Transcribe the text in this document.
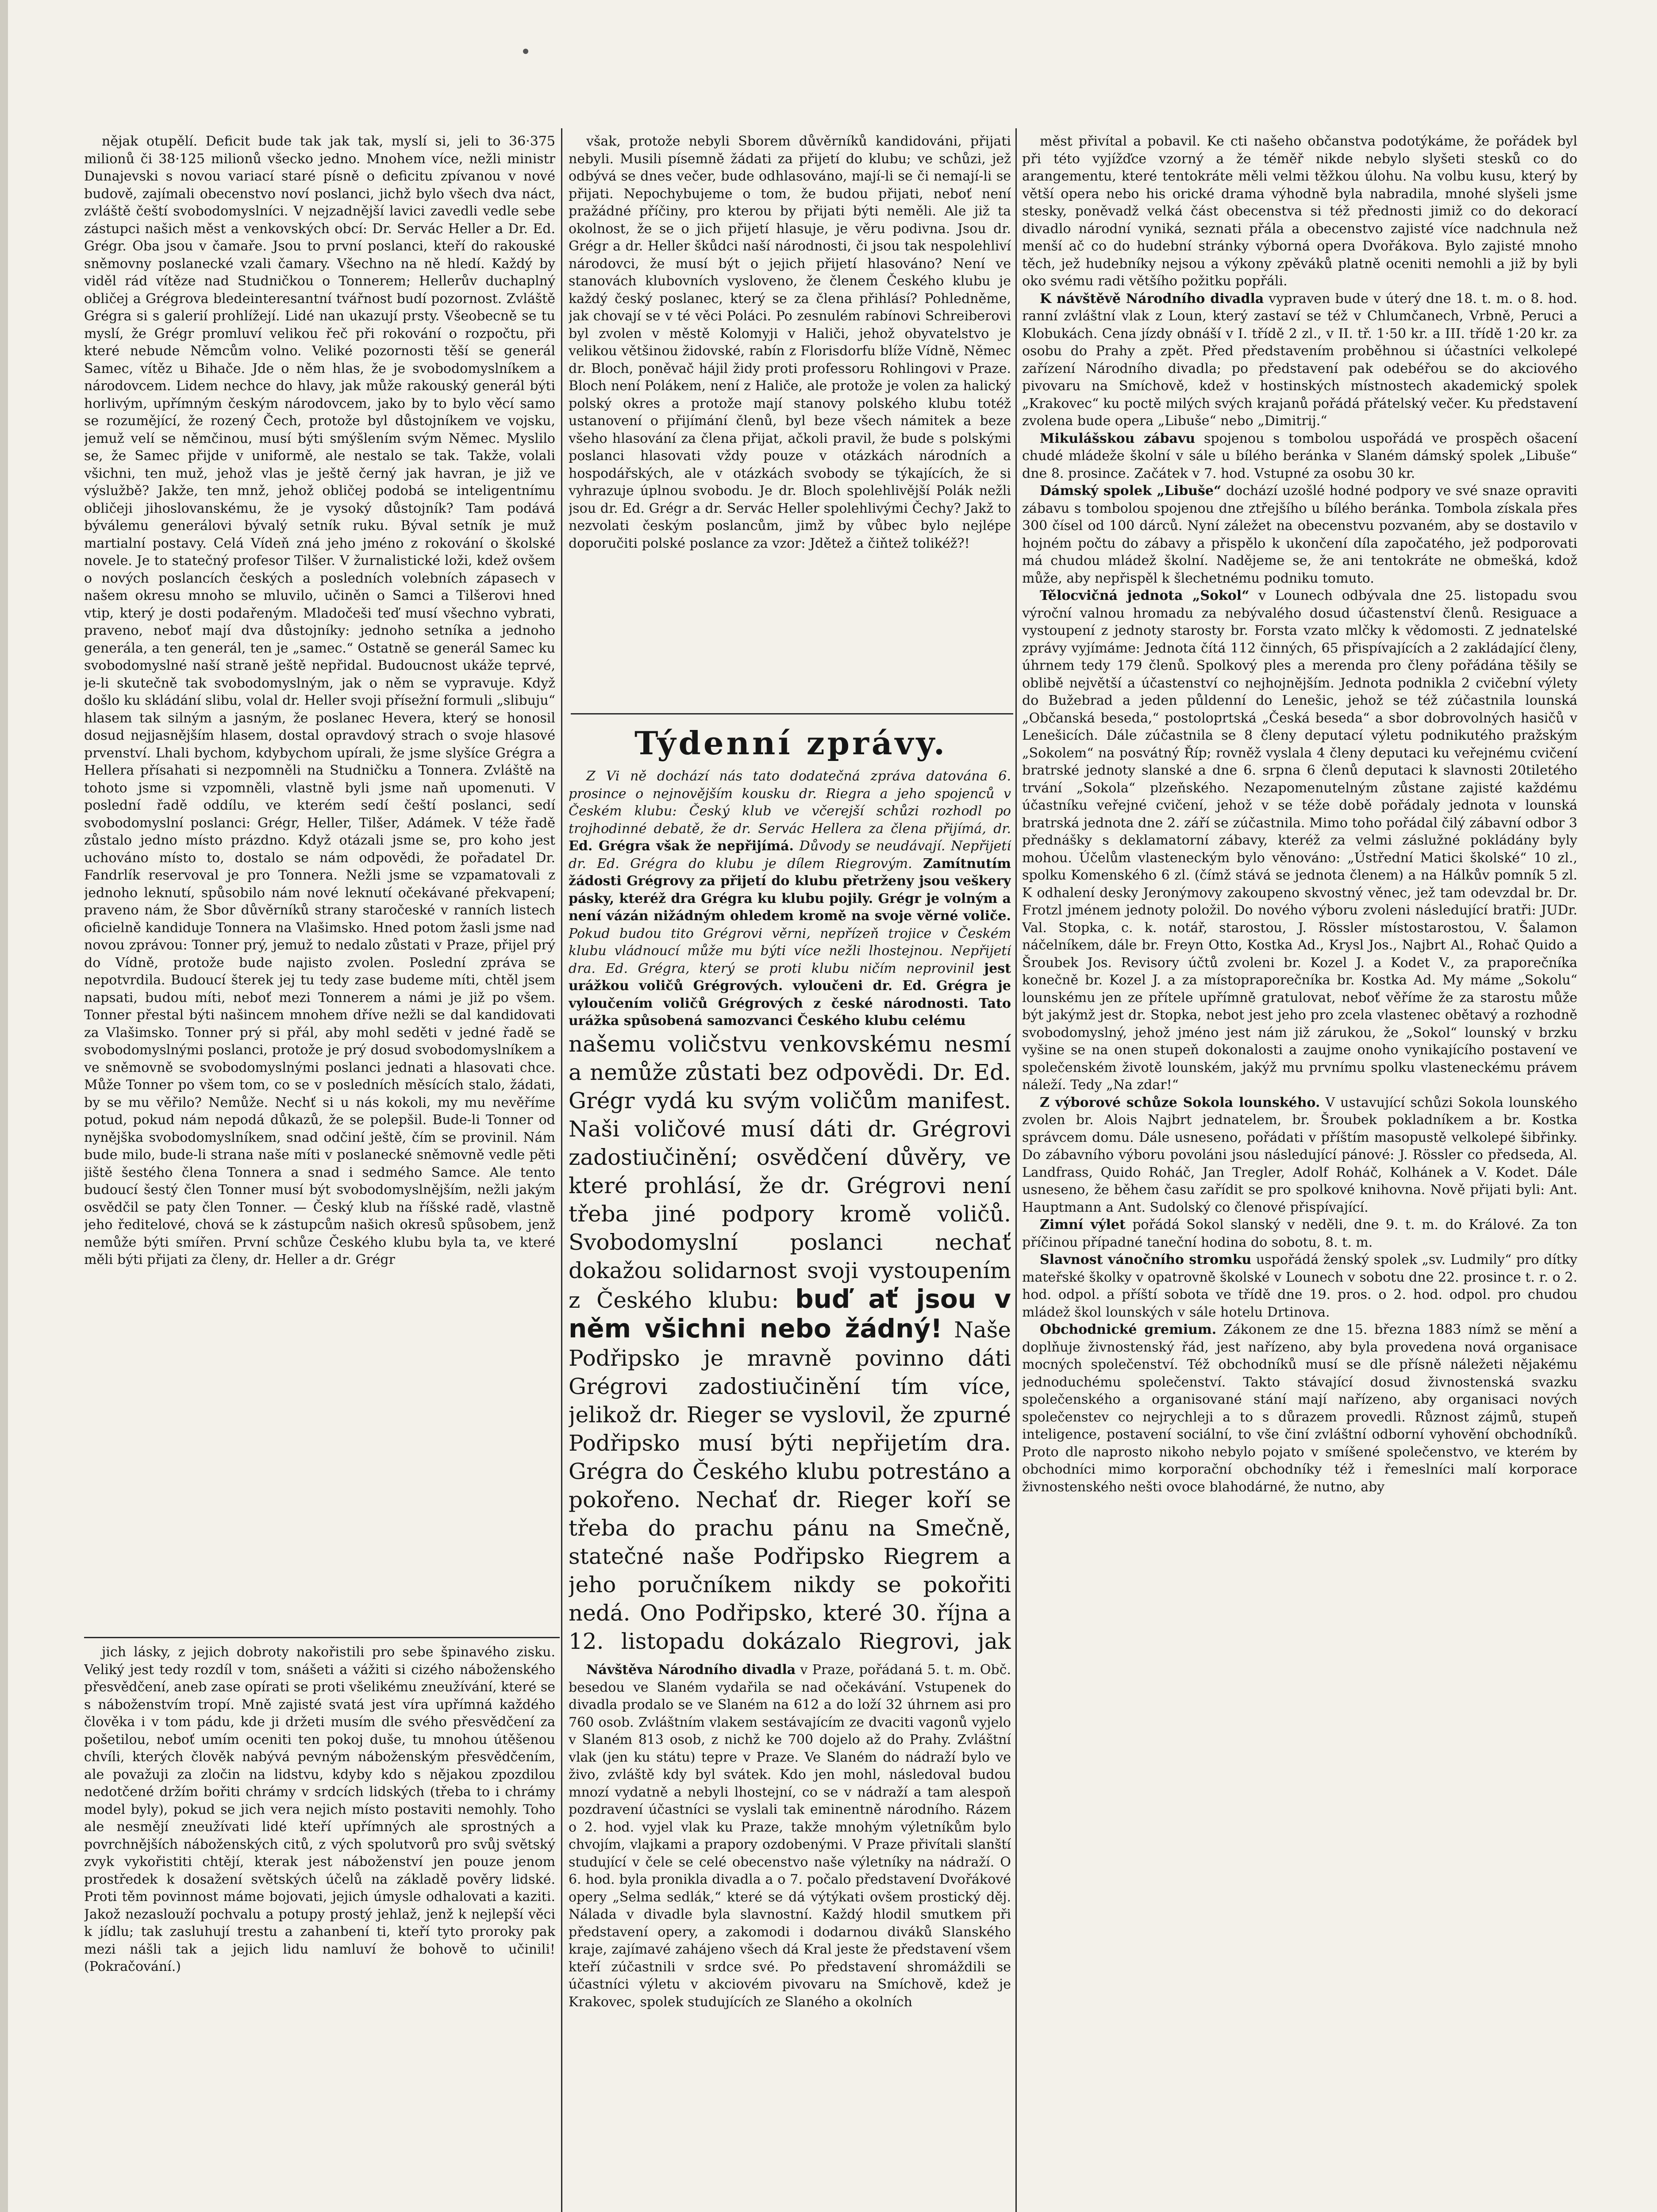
nějak otupělí. Deficit bude tak jak tak, myslí si, jeli to 36·375 milionů či 38·125 milionů všecko jedno. Mnohem více, nežli ministr Dunajevski s novou variací staré písně o deficitu zpívanou v nové budově, zajímali obecenstvo noví poslanci, jichž bylo všech dva náct, zvláště čeští svobodomyslníci. V nejzadnější lavici zavedli vedle sebe zástupci našich měst a venkovských obcí: Dr. Servác Heller a Dr. Ed. Grégr. Oba jsou v čamaře. Jsou to první poslanci, kteří do rakouské sněmovny poslanecké vzali čamary. Všechno na ně hledí. Každý by viděl rád vítěze nad Studničkou o Tonnerem; Hellerův duchaplný obličej a Grégrova bledeinteresantní tvářnost budí pozornost. Zvláště Grégra si s galerií prohlížejí. Lidé nan ukazují prsty. Všeobecně se tu myslí, že Grégr promluví velikou řeč při rokování o rozpočtu, při které nebude Němcům volno. Veliké pozornosti těší se generál Samec, vítěz u Bihače. Jde o něm hlas, že je svobodomyslníkem a národovcem. Lidem nechce do hlavy, jak může rakouský generál býti horlivým, upřímným českým národovcem, jako by to bylo věcí samo se rozumějící, že rozený Čech, protože byl důstojníkem ve vojsku, jemuž velí se němčinou, musí býti smýšlením svým Němec. Myslilo se, že Samec přijde v uniformě, ale nestalo se tak. Takže, volali všichni, ten muž, jehož vlas je ještě černý jak havran, je již ve výslužbě? Jakže, ten mnž, jehož obličej podobá se inteligentnímu obličeji jihoslovanskému, že je vysoký důstojník? Tam podává býválemu generálovi bývalý setník ruku. Býval setník je muž martialní postavy. Celá Vídeň zná jeho jméno z rokování o školské novele. Je to statečný profesor Tilšer. V žurnalistické loži, kdež ovšem o nových poslancích českých a posledních volebních zápasech v našem okresu mnoho se mluvilo, učiněn o Samci a Tilšerovi hned vtip, který je dosti podařeným. Mladočeši teď musí všechno vybrati, praveno, neboť mají dva důstojníky: jednoho setníka a jednoho generála, a ten generál, ten je „samec.“ Ostatně se generál Samec ku svobodomyslné naší straně ještě nepřidal. Budoucnost ukáže teprvé, je-li skutečně tak svobodomyslným, jak o něm se vypravuje. Když došlo ku skládání slibu, volal dr. Heller svoji přísežní formuli „slibuju“ hlasem tak silným a jasným, že poslanec Hevera, který se honosil dosud nejjasnějším hlasem, dostal opravdový strach o svoje hlasové prvenství. Lhali bychom, kdybychom upírali, že jsme slyšíce Grégra a Hellera přísahati si nezpomněli na Studničku a Tonnera. Zvláště na tohoto jsme si vzpomněli, vlastně byli jsme naň upomenuti. V poslední řadě oddílu, ve kterém sedí čeští poslanci, sedí svobodomyslní poslanci: Grégr, Heller, Tilšer, Adámek. V téže řadě zůstalo jedno místo prázdno. Když otázali jsme se, pro koho jest uchováno místo to, dostalo se nám odpovědi, že pořadatel Dr. Fandrlík reservoval je pro Tonnera. Nežli jsme se vzpamatovali z jednoho leknutí, spůsobilo nám nové leknutí očekávané překvapení; praveno nám, že Sbor důvěrníků strany staročeské v ranních listech oficielně kandiduje Tonnera na Vlašimsko. Hned potom žasli jsme nad novou zprávou: Tonner prý, jemuž to nedalo zůstati v Praze, přijel prý do Vídně, protože bude najisto zvolen. Poslední zpráva se nepotvrdila. Budoucí šterek jej tu tedy zase budeme míti, chtěl jsem napsati, budou míti, neboť mezi Tonnerem a námi je již po všem. Tonner přestal býti našincem mnohem dříve nežli se dal kandidovati za Vlašimsko. Tonner prý si přál, aby mohl seděti v jedné řadě se svobodomyslnými poslanci, protože je prý dosud svobodomyslníkem a ve sněmovně se svobodomyslnými poslanci jednati a hlasovati chce. Může Tonner po všem tom, co se v posledních měsících stalo, žádati, by se mu věřilo? Nemůže. Nechť si u nás kokoli, my mu nevěříme potud, pokud nám nepodá důkazů, že se polepšil. Bude-li Tonner od nynějška svobodomyslníkem, snad odčiní ještě, čím se provinil. Nám bude milo, bude-li strana naše míti v poslanecké sněmovně vedle pěti jiště šestého člena Tonnera a snad i sedmého Samce. Ale tento budoucí šestý člen Tonner musí být svobodomyslnějším, nežli jakým osvědčil se paty člen Tonner. — Český klub na říšské radě, vlastně jeho ředitelové, chová se k zástupcům našich okresů spůsobem, jenž nemůže býti smířen. První schůze Českého klubu byla ta, ve které měli býti přijati za členy, dr. Heller a dr. Grégr

jich lásky, z jejich dobroty nakořistili pro sebe špinavého zisku. Veliký jest tedy rozdíl v tom, snášeti a vážiti si cizého náboženského přesvědčení, aneb zase opírati se proti všelikému zneužívání, které se s náboženstvím tropí. Mně zajisté svatá jest víra upřímná každého člověka i v tom pádu, kde ji držeti musím dle svého přesvědčení za pošetilou, neboť umím oceniti ten pokoj duše, tu mnohou útěšenou chvíli, kterých člověk nabývá pevným náboženským přesvědčením, ale považuji za zločin na lidstvu, kdyby kdo s nějakou zpozdilou nedotčené držím bořiti chrámy v srdcích lidských (třeba to i chrámy model byly), pokud se jich vera nejich místo postaviti nemohly. Toho ale nesmějí zneužívati lidé kteří upřímných ale sprostných a povrchnějších náboženských citů, z vých spolutvorů pro svůj světský zvyk vykořistiti chtějí, kterak jest náboženství jen pouze jenom prostředek k dosažení světských účelů na základě pověry lidské. Proti těm povinnost máme bojovati, jejich úmysle odhalovati a kaziti. Jakož nezaslouží pochvalu a potupy prostý jehlaž, jenž k nejlepší věci k jídlu; tak zasluhují trestu a zahanbení ti, kteří tyto proroky pak mezi nášli tak a jejich lidu namluví že bohově to učinili! (Pokračování.)

však, protože nebyli Sborem důvěrníků kandidováni, přijati nebyli. Musili písemně žádati za přijetí do klubu; ve schůzi, jež odbývá se dnes večer, bude odhlasováno, mají-li se či nemají-li se přijati. Nepochybujeme o tom, že budou přijati, neboť není pražádné příčiny, pro kterou by přijati býti neměli. Ale již ta okolnost, že se o jich přijetí hlasuje, je věru podivna. Jsou dr. Grégr a dr. Heller škůdci naší národnosti, či jsou tak nespolehliví národovci, že musí být o jejich přijetí hlasováno? Není ve stanovách klubovních vysloveno, že členem Českého klubu je každý český poslanec, který se za člena přihlásí? Pohledněme, jak chovají se v té věci Poláci. Po zesnulém rabínovi Schreiberovi byl zvolen v městě Kolomyji v Haliči, jehož obyvatelstvo je velikou většinou židovské, rabín z Florisdorfu blíže Vídně, Němec dr. Bloch, poněvač hájil židy proti professoru Rohlingovi v Praze. Bloch není Polákem, není z Haliče, ale protože je volen za halický polský okres a protože mají stanovy polského klubu totéž ustanovení o přijímání členů, byl beze všech námitek a beze všeho hlasování za člena přijat, ačkoli pravil, že bude s polskými poslanci hlasovati vždy pouze v otázkách národních a hospodářských, ale v otázkách svobody se týkajících, že si vyhrazuje úplnou svobodu. Je dr. Bloch spolehlivější Polák nežli jsou dr. Ed. Grégr a dr. Servác Heller spolehlivými Čechy? Jakž to nezvolati českým poslancům, jimž by vůbec bylo nejlépe doporučiti polské poslance za vzor: Jdětež a čiňtež tolikéž?!

Týdenní zprávy.

Z Vi ně dochází nás tato dodatečná zpráva datována 6. prosince o nejnovějším kousku dr. Riegra a jeho spojenců v Českém klubu: Český klub ve včerejší schůzi rozhodl po trojhodinné debatě, že dr. Servác Hellera za člena přijímá, dr. Ed. Grégra však že nepřijímá. Důvody se neudávají. Nepřijetí dr. Ed. Grégra do klubu je dílem Riegrovým. Zamítnutím žádosti Grégrovy za přijetí do klubu přetrženy jsou veškery pásky, kteréž dra Grégra ku klubu pojily. Grégr je volným a není vázán nižádným ohledem kromě na svoje věrné voliče. Pokud budou tito Grégrovi věrni, nepřízeň trojice v Českém klubu vládnoucí může mu býti více nežli lhostejnou. Nepřijetí dra. Ed. Grégra, který se proti klubu ničím neprovinil jest urážkou voličů Grégrových. vyloučeni dr. Ed. Grégra je vyloučením voličů Grégrových z české národnosti. Tato urážka spůsobená samozvanci Českého klubu celému

našemu voličstvu venkovskému nesmí a nemůže zůstati bez odpovědi. Dr. Ed. Grégr vydá ku svým voličům manifest. Naši voličové musí dáti dr. Grégrovi zadostiučinění; osvědčení důvěry, ve které prohlásí, že dr. Grégrovi není třeba jiné podpory kromě voličů. Svobodomyslní poslanci nechať dokažou solidarnost svoji vystoupením z Českého klubu: buď ať jsou v něm všichni nebo žádný! Naše Podřipsko je mravně povinno dáti Grégrovi zadostiučinění tím více, jelikož dr. Rieger se vyslovil, že zpurné Podřipsko musí býti nepřijetím dra. Grégra do Českého klubu potrestáno a pokořeno. Nechať dr. Rieger koří se třeba do prachu pánu na Smečně, statečné naše Podřipsko Riegrem a jeho poručníkem nikdy se pokořiti nedá. Ono Podřipsko, které 30. října a 12. listopadu dokázalo Riegrovi, jak

Návštěva Národního divadla v Praze, pořádaná 5. t. m. Obč. besedou ve Slaném vydařila se nad očekávání. Vstupenek do divadla prodalo se ve Slaném na 612 a do loží 32 úhrnem asi pro 760 osob. Zvláštním vlakem sestávajícím ze dvaciti vagonů vyjelo v Slaném 813 osob, z nichž ke 700 dojelo až do Prahy. Zvláštní vlak (jen ku státu) tepre v Praze. Ve Slaném do nádraží bylo ve živo, zvláště kdy byl svátek. Kdo jen mohl, následoval budou mnozí vydatně a nebyli lhostejní, co se v nádraží a tam alespoň pozdravení účastníci se vyslali tak eminentně národního. Rázem o 2. hod. vyjel vlak ku Praze, takže mnohým výletníkům bylo chvojím, vlajkami a prapory ozdobenými. V Praze přivítali slanští studující v čele se celé obecenstvo naše výletníky na nádraží. O 6. hod. byla pronikla divadla a o 7. počalo představení Dvořákové opery „Selma sedlák,“ které se dá výtýkati ovšem prostický děj. Nálada v divadle byla slavnostní. Každý hlodil smutkem při představení opery, a zakomodi i dodarnou diváků Slanského kraje, zajímavé zahájeno všech dá Kral jeste že představení všem kteří zúčastnili v srdce své. Po představení shromáždili se účastníci výletu v akciovém pivovaru na Smíchově, kdež je Krakovec, spolek studujících ze Slaného a okolních

měst přivítal a pobavil. Ke cti našeho občanstva podotýkáme, že pořádek byl při této vyjížďce vzorný a že téměř nikde nebylo slyšeti stesků co do arangementu, které tentokráte měli velmi těžkou úlohu. Na volbu kusu, který by větší opera nebo his orické drama výhodně byla nabradila, mnohé slyšeli jsme stesky, poněvadž velká část obecenstva si též přednosti jimiž co do dekorací divadlo národní vyniká, seznati přála a obecenstvo zajisté více nadchnula než menší ač co do hudební stránky výborná opera Dvořákova. Bylo zajisté mnoho těch, jež hudebníky nejsou a výkony zpěváků platně oceniti nemohli a již by byli oko svému radi většího požitku popřáli.

K návštěvě Národního divadla vypraven bude v úterý dne 18. t. m. o 8. hod. ranní zvláštní vlak z Loun, který zastaví se též v Chlumčanech, Vrbně, Peruci a Klobukách. Cena jízdy obnáší v I. třídě 2 zl., v II. tř. 1·50 kr. a III. třídě 1·20 kr. za osobu do Prahy a zpět. Před představením proběhnou si účastníci velkolepé zařízení Národního divadla; po představení pak odebéřou se do akciového pivovaru na Smíchově, kdež v hostinských místnostech akademický spolek „Krakovec“ ku poctě milých svých krajanů pořádá přátelský večer. Ku představení zvolena bude opera „Libuše“ nebo „Dimitrij.“

Mikulášskou zábavu spojenou s tombolou uspořádá ve prospěch ošacení chudé mládeže školní v sále u bílého beránka v Slaném dámský spolek „Libuše“ dne 8. prosince. Začátek v 7. hod. Vstupné za osobu 30 kr.

Dámský spolek „Libuše“ dochází uzošlé hodné podpory ve své snaze opraviti zábavu s tombolou spojenou dne ztřejšího u bílého beránka. Tombola získala přes 300 čísel od 100 dárců. Nyní záležet na obecenstvu pozvaném, aby se dostavilo v hojném počtu do zábavy a přispělo k ukončení díla započatého, jež podporovati má chudou mládež školní. Nadějeme se, že ani tentokráte ne obmešká, kdož může, aby nepřispěl k šlechetnému podniku tomuto.

Tělocvičná jednota „Sokol“ v Lounech odbývala dne 25. listopadu svou výroční valnou hromadu za nebývalého dosud účastenství členů. Resiguace a vystoupení z jednoty starosty br. Forsta vzato mlčky k vědomosti. Z jednatelské zprávy vyjímáme: Jednota čítá 112 činných, 65 přispívajících a 2 zakládající členy, úhrnem tedy 179 členů. Spolkový ples a merenda pro členy pořádána těšily se oblibě největší a účastenství co nejhojnějším. Jednota podnikla 2 cvičební výlety do Bužebrad a jeden půldenní do Lenešic, jehož se též zúčastnila lounská „Občanská beseda,“ postoloprtská „Česká beseda“ a sbor dobrovolných hasičů v Lenešicích. Dále zúčastnila se 8 členy deputací výletu podnikutého pražským „Sokolem“ na posvátný Říp; rovněž vyslala 4 členy deputaci ku veřejnému cvičení bratrské jednoty slanské a dne 6. srpna 6 členů deputaci k slavnosti 20tiletého trvání „Sokola“ plzeňského. Nezapomenutelným zůstane zajisté každému účastníku veřejné cvičení, jehož v se téže době pořádaly jednota v lounská bratrská jednota dne 2. září se zúčastnila. Mimo toho pořádal čilý zábavní odbor 3 přednášky s deklamatorní zábavy, kteréž za velmi záslužné pokládány byly mohou. Účelům vlasteneckým bylo věnováno: „Ústřední Matici školské“ 10 zl., spolku Komenského 6 zl. (čímž stává se jednota členem) a na Hálkův pomník 5 zl. K odhalení desky Jeronýmovy zakoupeno skvostný věnec, jež tam odevzdal br. Dr. Frotzl jménem jednoty položil. Do nového výboru zvoleni následující bratři: JUDr. Val. Stopka, c. k. notář, starostou, J. Rössler místostarostou, V. Šalamon náčelníkem, dále br. Freyn Otto, Kostka Ad., Krysl Jos., Najbrt Al., Rohač Quido a Šroubek Jos. Revisory účtů zvoleni br. Kozel J. a Kodet V., za praporečníka konečně br. Kozel J. a za místopraporečníka br. Kostka Ad. My máme „Sokolu“ lounskému jen ze přítele upřímně gratulovat, neboť věříme že za starostu může být jakýmž jest dr. Stopka, nebot jest jeho pro zcela vlastenec obětavý a rozhodně svobodomyslný, jehož jméno jest nám již zárukou, že „Sokol“ lounský v brzku vyšine se na onen stupeň dokonalosti a zaujme onoho vynikajícího postavení ve společenském životě lounském, jakýž mu prvnímu spolku vlasteneckému právem náleží. Tedy „Na zdar!“

Z výborové schůze Sokola lounského. V ustavující schůzi Sokola lounského zvolen br. Alois Najbrt jednatelem, br. Šroubek pokladníkem a br. Kostka správcem domu. Dále usneseno, pořádati v příštím masopustě velkolepé šibřinky. Do zábavního výboru povoláni jsou následující pánové: J. Rössler co předseda, Al. Landfrass, Quido Roháč, Jan Tregler, Adolf Roháč, Kolhánek a V. Kodet. Dále usneseno, že během času zařídit se pro spolkové knihovna. Nově přijati byli: Ant. Hauptmann a Ant. Sudolský co členové přispívající.

Zimní výlet pořádá Sokol slanský v neděli, dne 9. t. m. do Králové. Za ton příčinou případné taneční hodina do sobotu, 8. t. m.

Slavnost vánočního stromku uspořádá ženský spolek „sv. Ludmily“ pro dítky mateřské školky v opatrovně školské v Lounech v sobotu dne 22. prosince t. r. o 2. hod. odpol. a příští sobota ve třídě dne 19. pros. o 2. hod. odpol. pro chudou mládež škol lounských v sále hotelu Drtinova.

Obchodnické gremium. Zákonem ze dne 15. března 1883 nímž se mění a doplňuje živnostenský řád, jest nařízeno, aby byla provedena nová organisace mocných společenství. Též obchodníků musí se dle přísně náležeti nějakému jednoduchému společenství. Takto stávající dosud živnostenská svazku společenského a organisované stání mají nařízeno, aby organisaci nových společenstev co nejrychleji a to s důrazem provedli. Různost zájmů, stupeň inteligence, postavení sociální, to vše činí zvláštní odborní vyhovění obchodníků. Proto dle naprosto nikoho nebylo pojato v smíšené společenstvo, ve kterém by obchodníci mimo korporační obchodníky též i řemeslníci malí korporace živnostenského nešti ovoce blahodárné, že nutno, aby
